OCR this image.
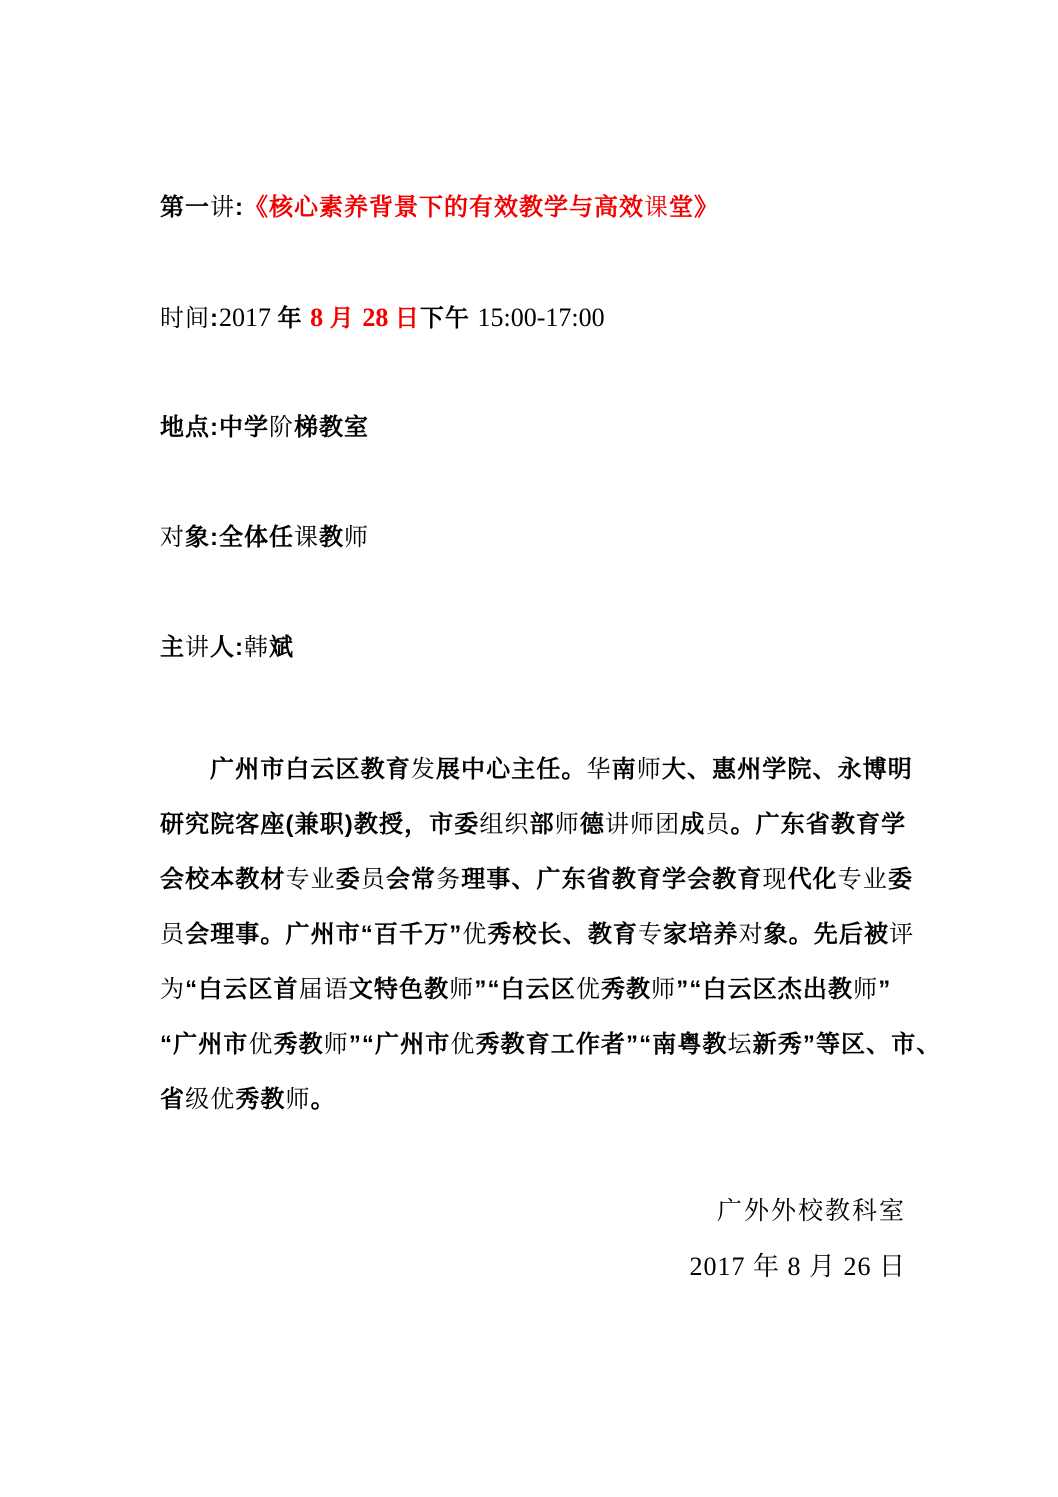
第一讲:《核心素养背景下的有效教学与高效课堂》
时间:2017 年 8 月 28 日下午 15:00-17:00
地点:中学阶梯教室
对象:全体任课教师
主讲人:韩斌
广州市白云区教育发展中心主任。华南师大、惠州学院、永博明
研究院客座(兼职)教授，市委组织部师德讲师团成员。广东省教育学
会校本教材专业委员会常务理事、广东省教育学会教育现代化专业委
员会理事。广州市“百千万”优秀校长、教育专家培养对象。先后被评
为“白云区首届语文特色教师”“白云区优秀教师”“白云区杰出教师”
“广州市优秀教师”“广州市优秀教育工作者”“南粤教坛新秀”等区、市、
省级优秀教师。
广外外校教科室
2017 年 8 月 26 日
